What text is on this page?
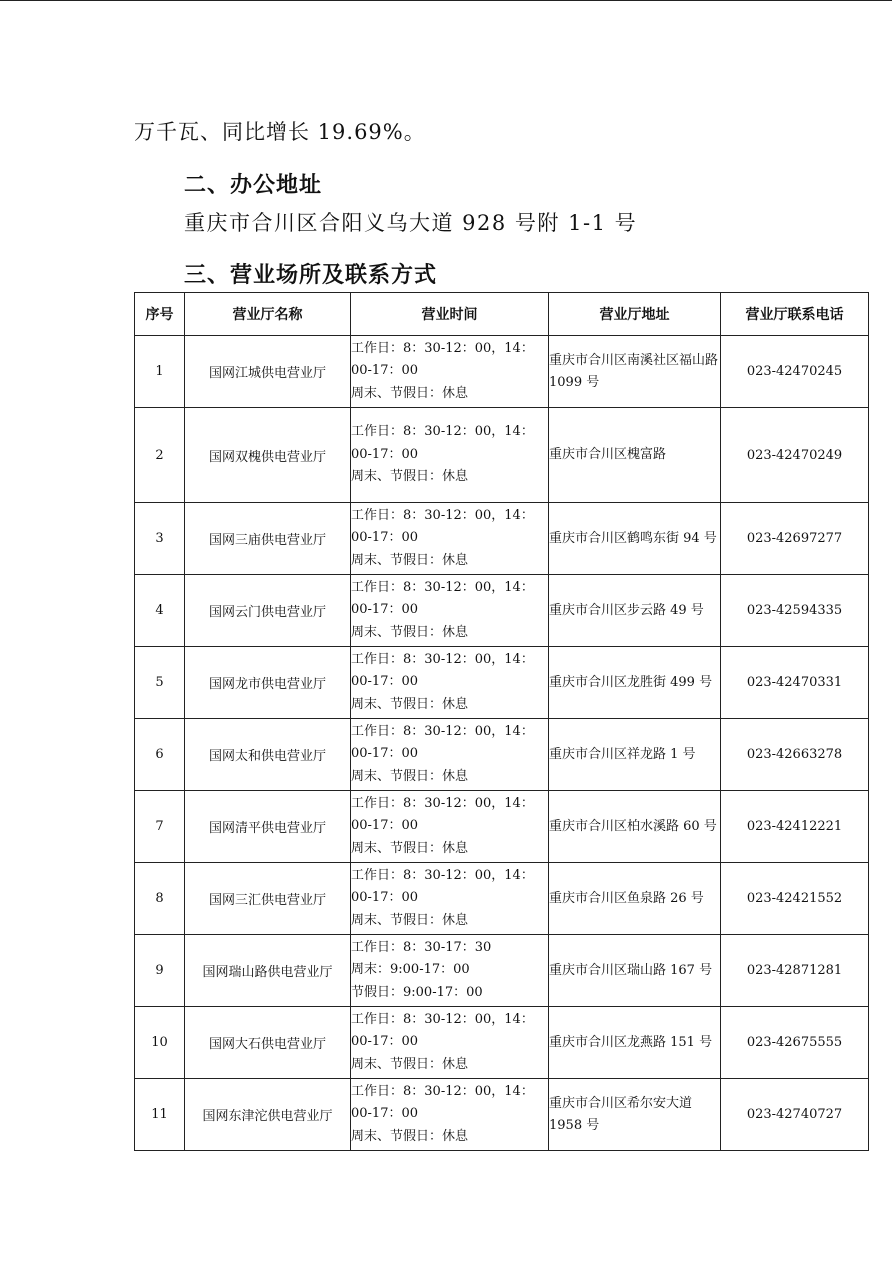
万千瓦、同比增长 19.69%。
二、办公地址
重庆市合川区合阳义乌大道 928 号附 1-1 号
三、营业场所及联系方式
序号	营业厅名称	营业时间	营业厅地址	营业厅联系电话
1	国网江城供电营业厅	工作日：8：30-12：00，14：
00-17：00
周末、节假日：休息	重庆市合川区南溪社区福山路 1099 号	023-42470245
2	国网双槐供电营业厅	工作日：8：30-12：00，14：
00-17：00
周末、节假日：休息	重庆市合川区槐富路	023-42470249
3	国网三庙供电营业厅	工作日：8：30-12：00，14：
00-17：00
周末、节假日：休息	重庆市合川区鹤鸣东街 94 号	023-42697277
4	国网云门供电营业厅	工作日：8：30-12：00，14：
00-17：00
周末、节假日：休息	重庆市合川区步云路 49 号	023-42594335
5	国网龙市供电营业厅	工作日：8：30-12：00，14：
00-17：00
周末、节假日：休息	重庆市合川区龙胜街 499 号	023-42470331
6	国网太和供电营业厅	工作日：8：30-12：00，14：
00-17：00
周末、节假日：休息	重庆市合川区祥龙路 1 号	023-42663278
7	国网清平供电营业厅	工作日：8：30-12：00，14：
00-17：00
周末、节假日：休息	重庆市合川区柏水溪路 60 号	023-42412221
8	国网三汇供电营业厅	工作日：8：30-12：00，14：
00-17：00
周末、节假日：休息	重庆市合川区鱼泉路 26 号	023-42421552
9	国网瑞山路供电营业厅	工作日：8：30-17：30
周末：9:00-17：00
节假日：9:00-17：00	重庆市合川区瑞山路 167 号	023-42871281
10	国网大石供电营业厅	工作日：8：30-12：00，14：
00-17：00
周末、节假日：休息	重庆市合川区龙燕路 151 号	023-42675555
11	国网东津沱供电营业厅	工作日：8：30-12：00，14：
00-17：00
周末、节假日：休息	重庆市合川区希尔安大道 1958 号	023-42740727
